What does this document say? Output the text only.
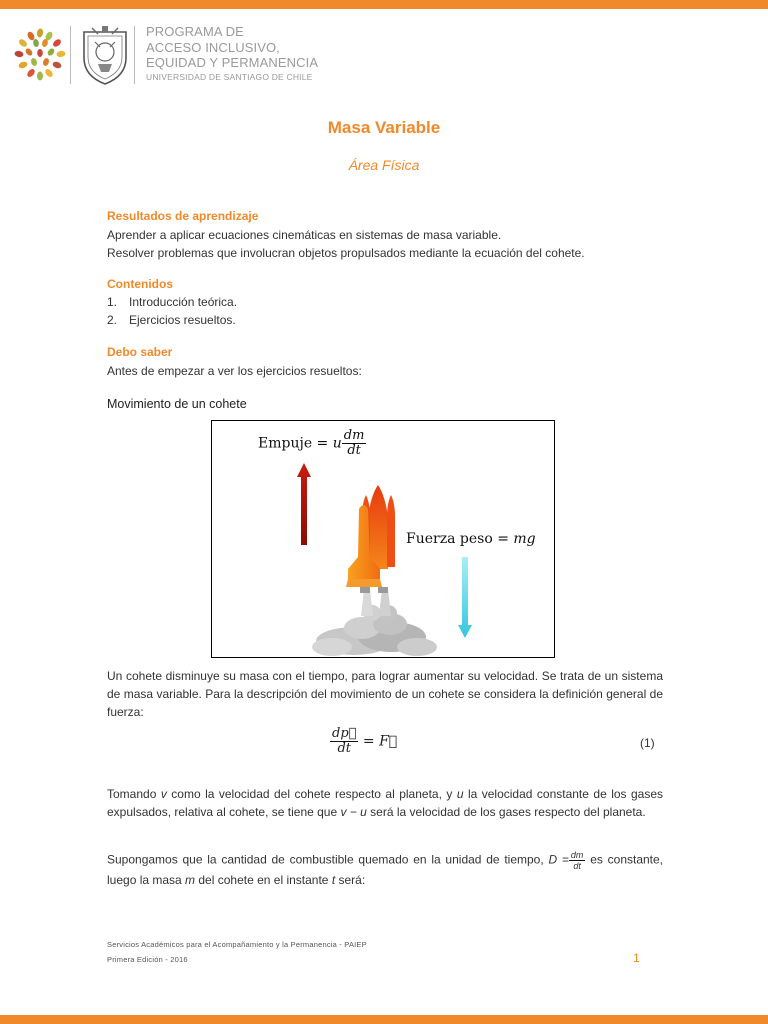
PROGRAMA DE
ACCESO INCLUSIVO,
EQUIDAD Y PERMANENCIA
UNIVERSIDAD DE SANTIAGO DE CHILE
Masa Variable
Área Física
Resultados de aprendizaje
Aprender a aplicar ecuaciones cinemáticas en sistemas de masa variable.
Resolver problemas que involucran objetos propulsados mediante la ecuación del cohete.
Contenidos
1. Introducción teórica.
2. Ejercicios resueltos.
Debo saber
Antes de empezar a ver los ejercicios resueltos:
Movimiento de un cohete
Empuje = u $\frac{dm}{dt}$
Fuerza peso = mg
Un cohete disminuye su masa con el tiempo, para lograr aumentar su velocidad. Se trata de un sistema de masa variable. Para la descripción del movimiento de un cohete se considera la definición general de fuerza:
$\frac{dp⃗}{dt}$ = F⃗	(1)
Tomando v como la velocidad del cohete respecto al planeta, y u la velocidad constante de los gases expulsados, relativa al cohete, se tiene que v − u será la velocidad de los gases respecto del planeta.
Supongamos que la cantidad de combustible quemado en la unidad de tiempo, $D = \frac{dm}{dt}$ es constante, luego la masa m del cohete en el instante t será:
Servicios Académicos para el Acompañamiento y la Permanencia - PAIEP
Primera Edición - 2016	1
